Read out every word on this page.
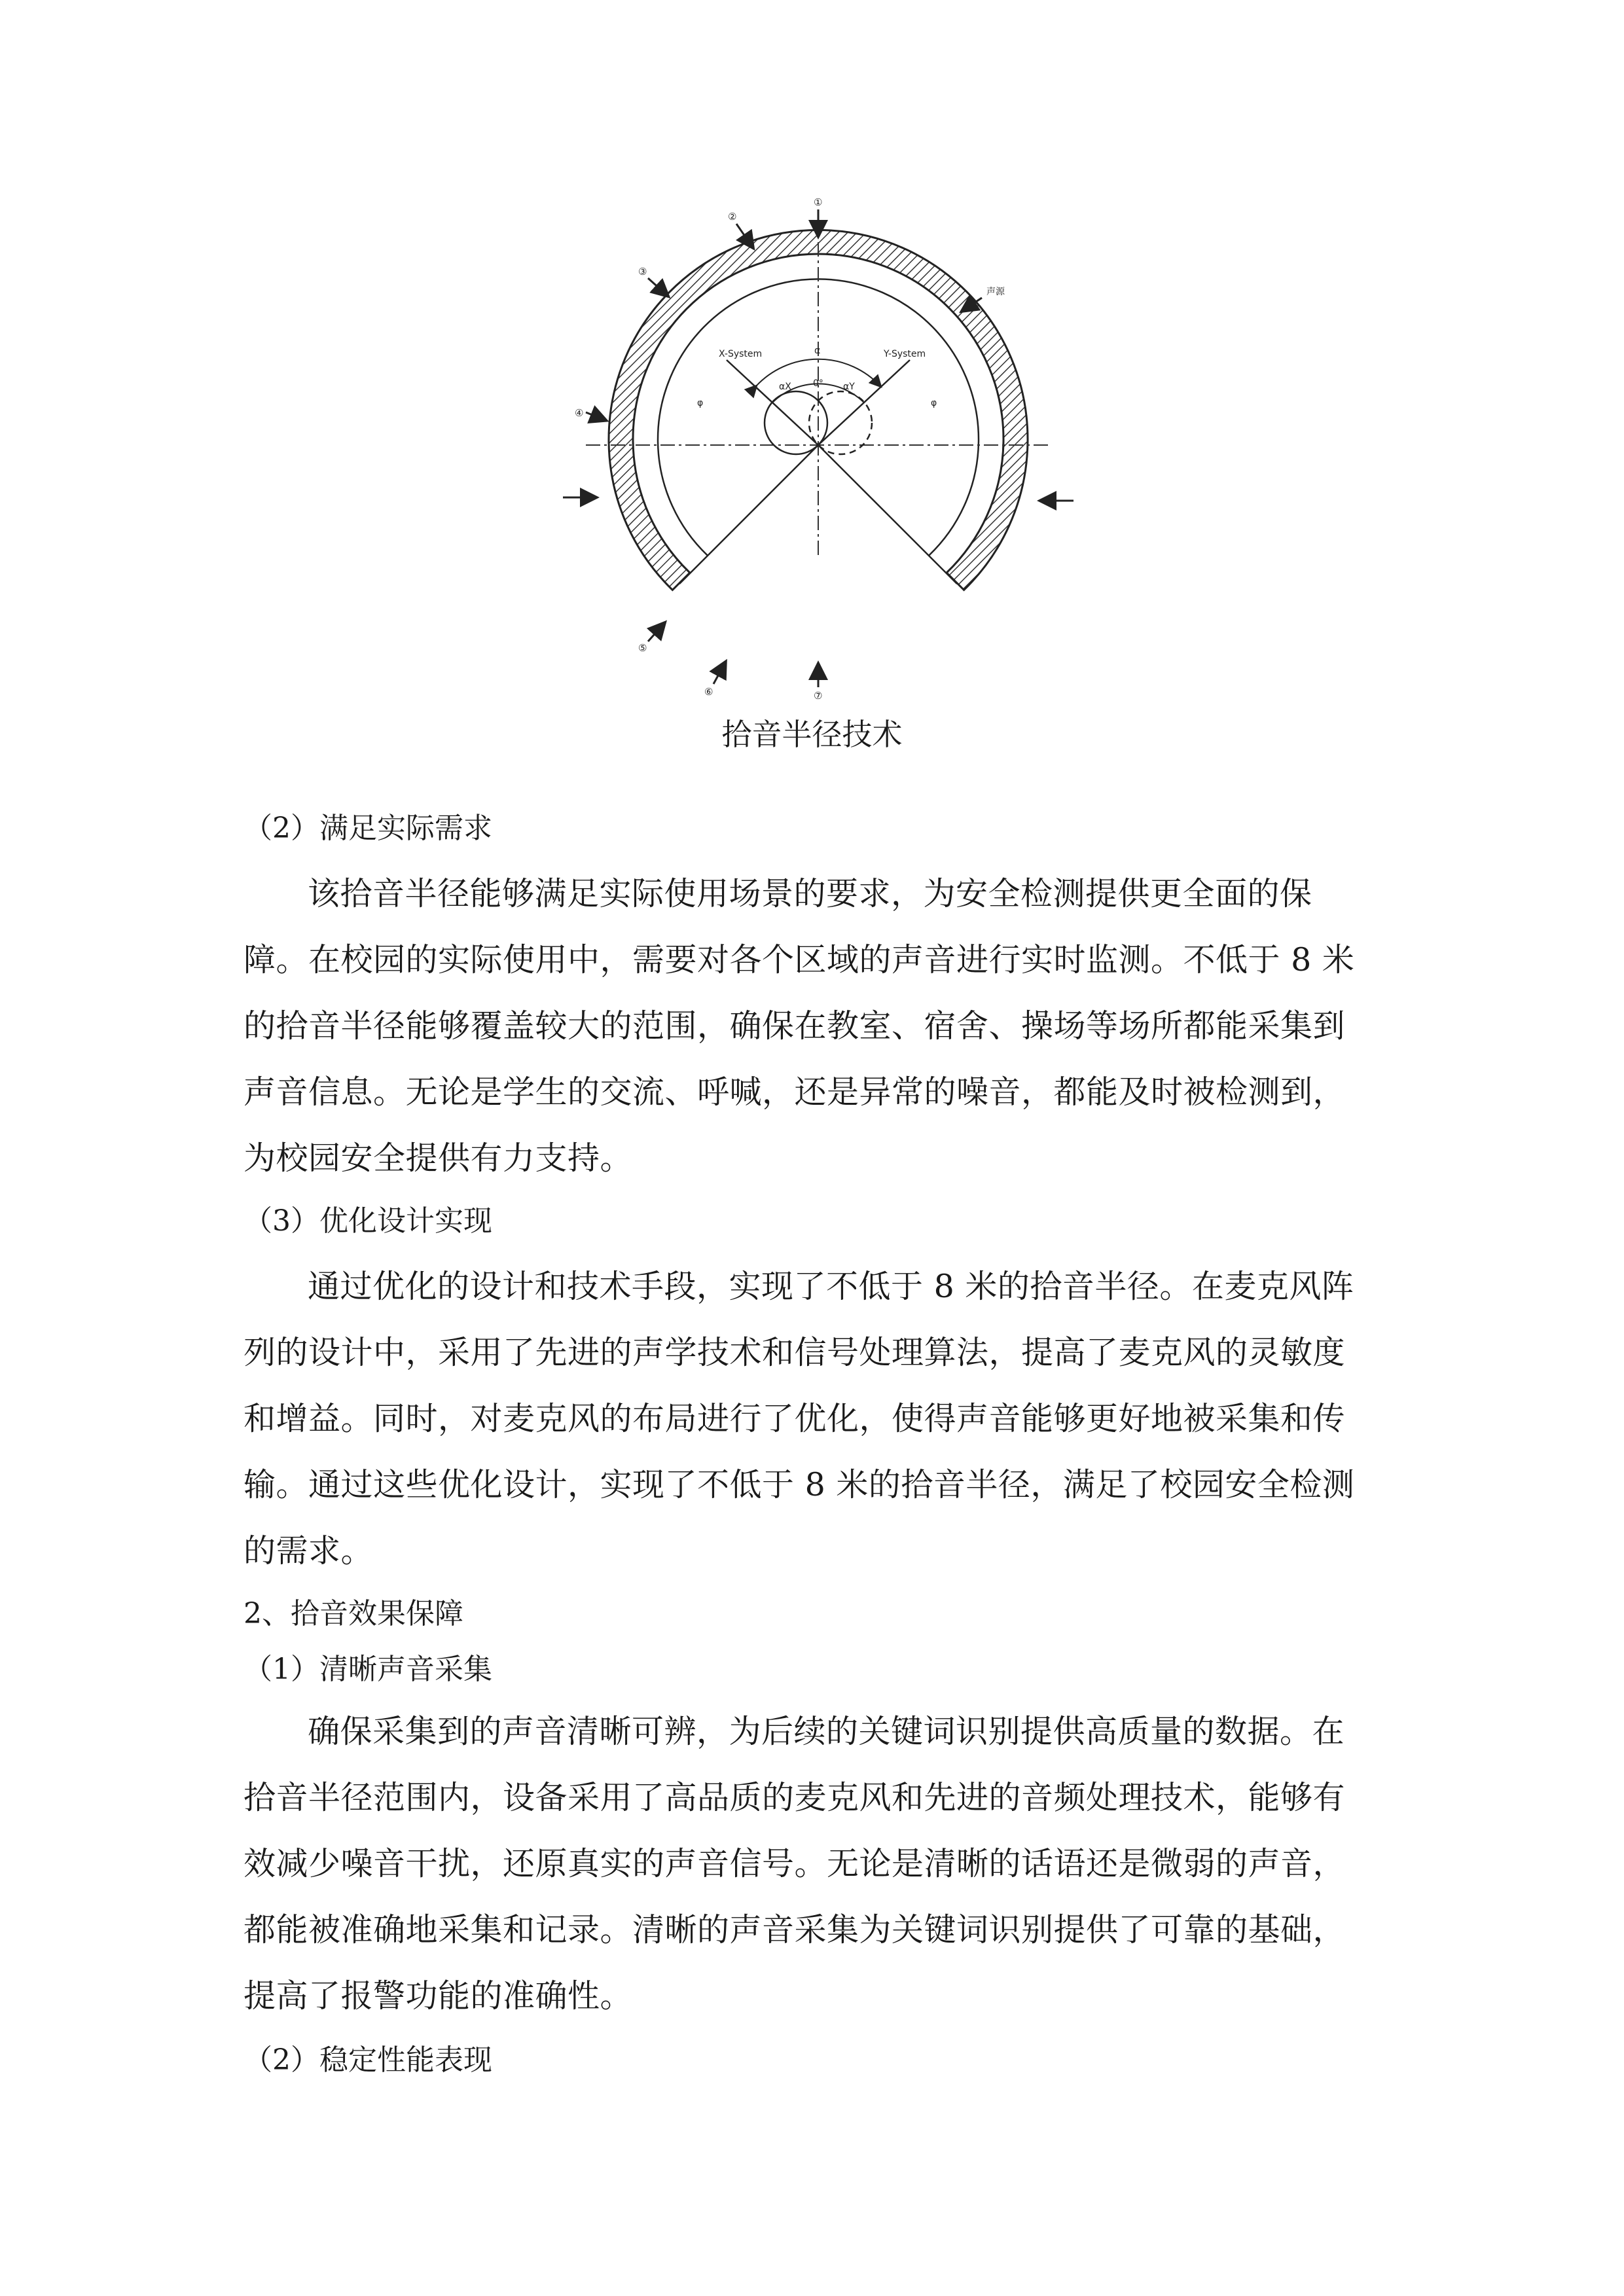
①
②
③
④
⑤
⑥	⑦
声源
X-System	Y-System
α
αX 0° αY
φ	φ
拾音半径技术
（2）满足实际需求
该拾音半径能够满足实际使用场景的要求，为安全检测提供更全面的保
障。在校园的实际使用中，需要对各个区域的声音进行实时监测。不低于 8 米
的拾音半径能够覆盖较大的范围，确保在教室、宿舍、操场等场所都能采集到
声音信息。无论是学生的交流、呼喊，还是异常的噪音，都能及时被检测到，
为校园安全提供有力支持。
（3）优化设计实现
通过优化的设计和技术手段，实现了不低于 8 米的拾音半径。在麦克风阵
列的设计中，采用了先进的声学技术和信号处理算法，提高了麦克风的灵敏度
和增益。同时，对麦克风的布局进行了优化，使得声音能够更好地被采集和传
输。通过这些优化设计，实现了不低于 8 米的拾音半径，满足了校园安全检测
的需求。
2、拾音效果保障
（1）清晰声音采集
确保采集到的声音清晰可辨，为后续的关键词识别提供高质量的数据。在
拾音半径范围内，设备采用了高品质的麦克风和先进的音频处理技术，能够有
效减少噪音干扰，还原真实的声音信号。无论是清晰的话语还是微弱的声音，
都能被准确地采集和记录。清晰的声音采集为关键词识别提供了可靠的基础，
提高了报警功能的准确性。
（2）稳定性能表现
